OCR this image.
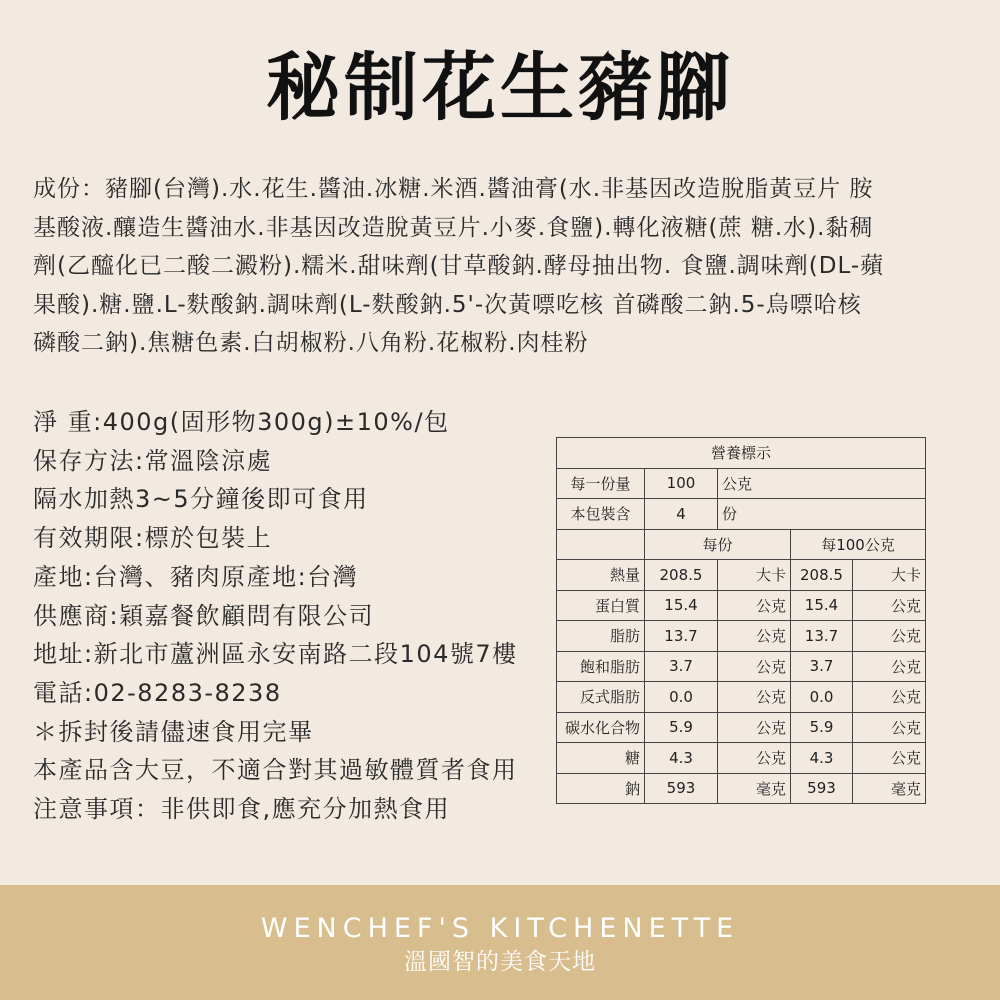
秘制花生豬腳
成份：豬腳(台灣).水.花生.醬油.冰糖.米酒.醬油膏(水.非基因改造脫脂黃豆片 胺
基酸液.釀造生醬油水.非基因改造脫黃豆片.小麥.食鹽).轉化液糖(蔗 糖.水).黏稠
劑(乙醯化已二酸二澱粉).糯米.甜味劑(甘草酸鈉.酵母抽出物. 食鹽.調味劑(DL-蘋
果酸).糖.鹽.L-麩酸鈉.調味劑(L-麩酸鈉.5'-次黃嘌吃核 首磷酸二鈉.5-烏嘌哈核
磷酸二鈉).焦糖色素.白胡椒粉.八角粉.花椒粉.肉桂粉
淨 重:400g(固形物300g)±10%/包
保存方法:常溫陰涼處
隔水加熱3~5分鐘後即可食用
有效期限:標於包裝上
產地:台灣、豬肉原產地:台灣
供應商:穎嘉餐飲顧問有限公司
地址:新北市蘆洲區永安南路二段104號7樓
電話:02-8283-8238
＊拆封後請儘速食用完畢
本產品含大豆，不適合對其過敏體質者食用
注意事項：非供即食,應充分加熱食用
營養標示				
每一份量	100	公克		
本包裝含	4	份		
	每份		每100公克	
熱量	208.5	大卡	208.5	大卡
蛋白質	15.4	公克	15.4	公克
脂肪	13.7	公克	13.7	公克
飽和脂肪	3.7	公克	3.7	公克
反式脂肪	0.0	公克	0.0	公克
碳水化合物	5.9	公克	5.9	公克
糖	4.3	公克	4.3	公克
鈉	593	毫克	593	毫克
WENCHEF'S KITCHENETTE
溫國智的美食天地
